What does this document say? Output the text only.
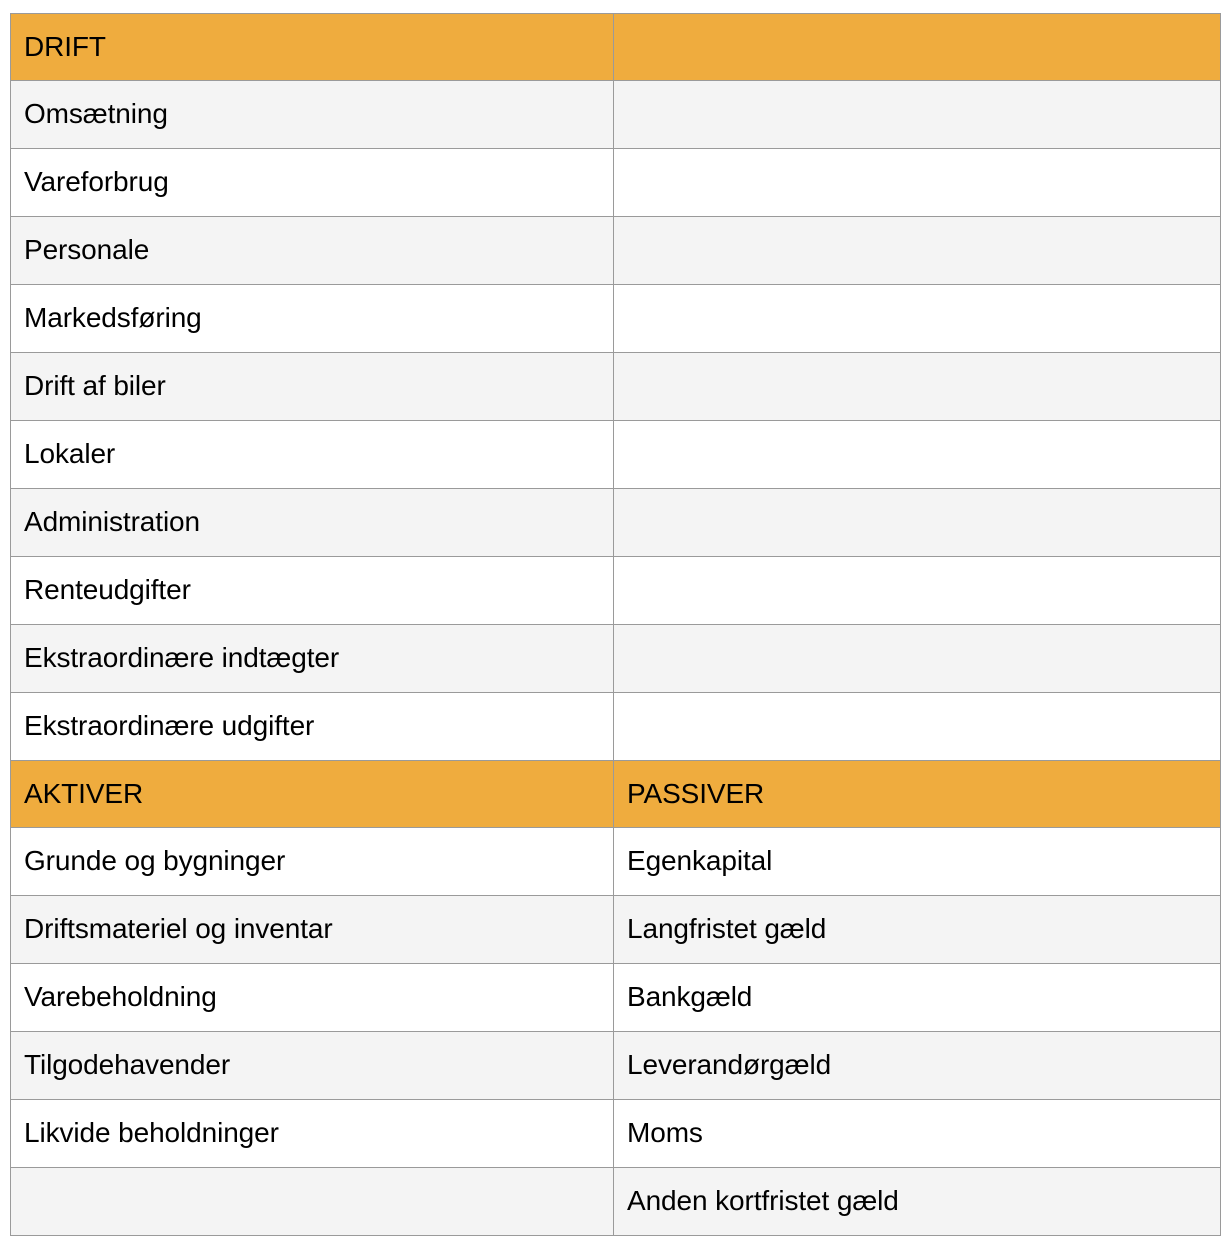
DRIFT	
Omsætning	
Vareforbrug	
Personale	
Markedsføring	
Drift af biler	
Lokaler	
Administration	
Renteudgifter	
Ekstraordinære indtægter	
Ekstraordinære udgifter	
AKTIVER	PASSIVER
Grunde og bygninger	Egenkapital
Driftsmateriel og inventar	Langfristet gæld
Varebeholdning	Bankgæld
Tilgodehavender	Leverandørgæld
Likvide beholdninger	Moms
	Anden kortfristet gæld
